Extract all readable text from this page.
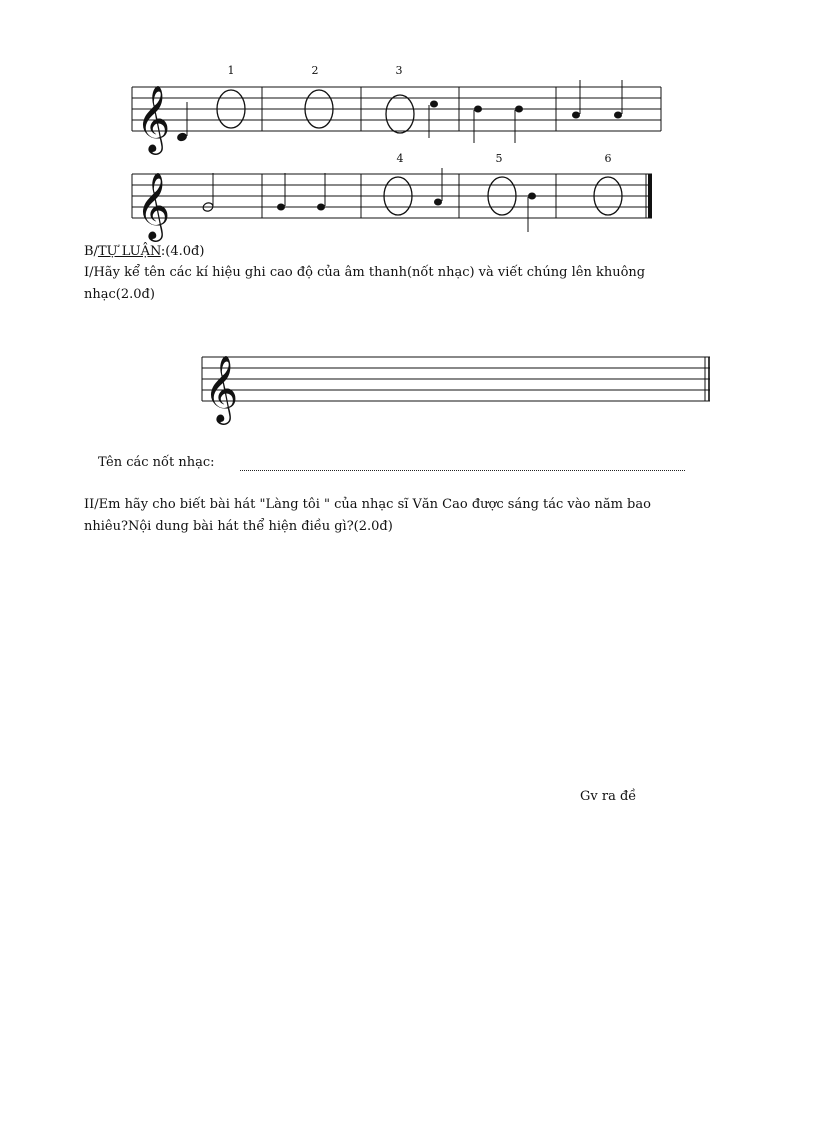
𝄞
1	2	3
𝄞
4	5	6
B/TỰ LUẬN:(4.0đ)
I/Hãy kể tên các kí hiệu ghi cao độ của âm thanh(nốt nhạc) và viết chúng lên khuông
nhạc(2.0đ)
𝄞
Tên các nốt nhạc:
II/Em hãy cho biết bài hát "Làng tôi " của nhạc sĩ Văn Cao được sáng tác vào năm bao
nhiêu?Nội dung bài hát thể hiện điều gì?(2.0đ)
Gv ra đề
